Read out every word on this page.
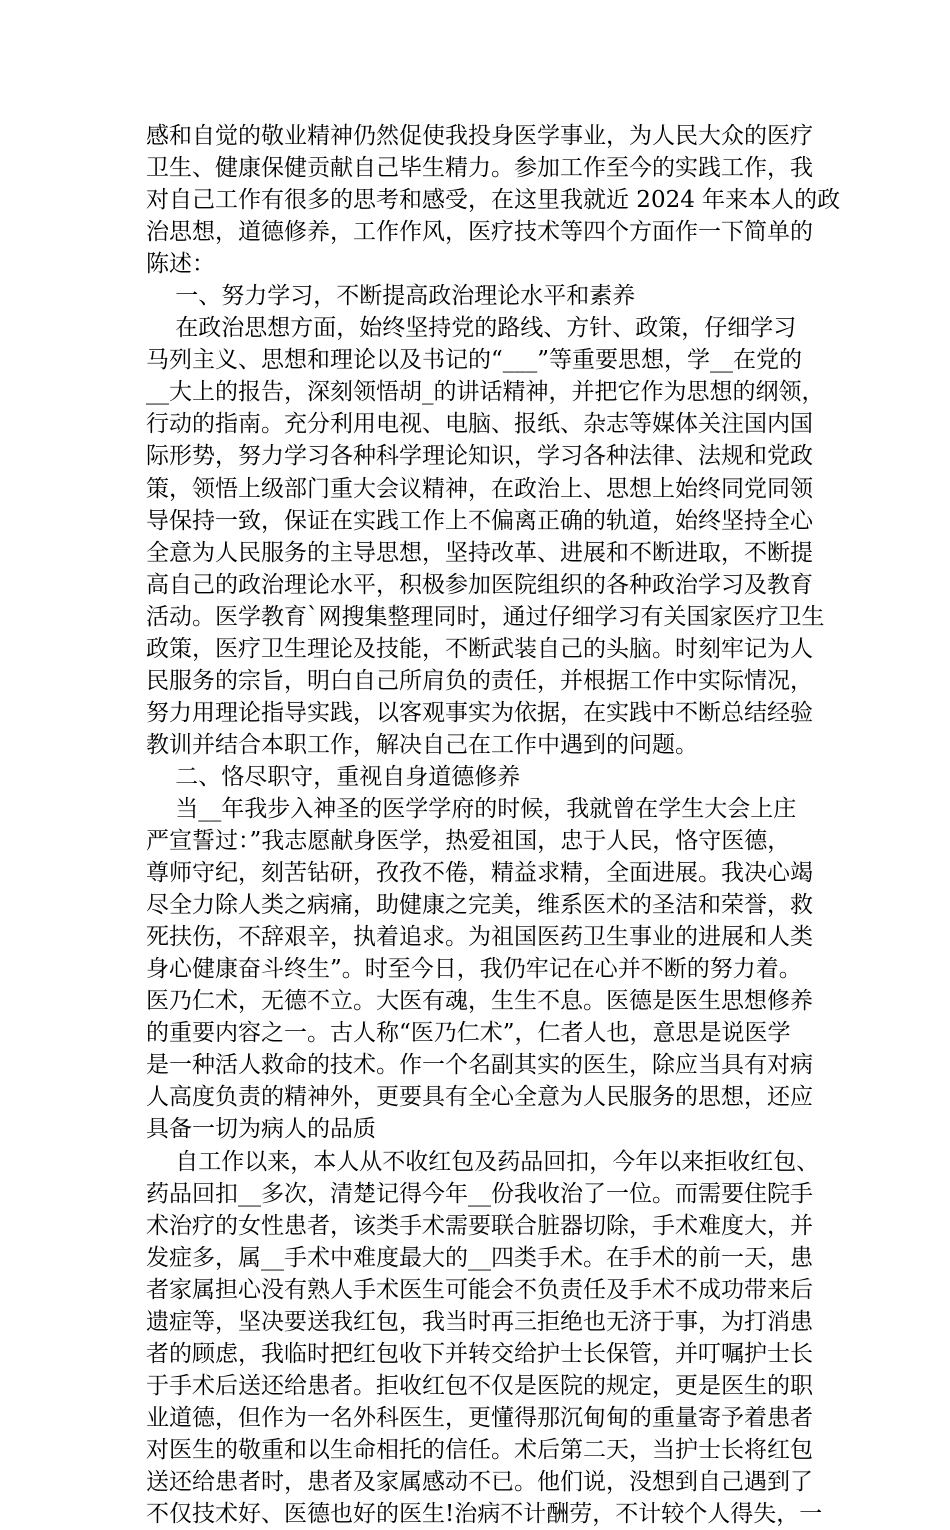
感和自觉的敬业精神仍然促使我投身医学事业，为人民大众的医疗
卫生、健康保健贡献自己毕生精力。参加工作至今的实践工作，我
对自己工作有很多的思考和感受，在这里我就近 2024 年来本人的政
治思想，道德修养，工作作风，医疗技术等四个方面作一下简单的
陈述：
一、努力学习，不断提高政治理论水平和素养
在政治思想方面，始终坚持党的路线、方针、政策，仔细学习
马列主义、思想和理论以及书记的“___”等重要思想，学__在党的
__大上的报告，深刻领悟胡_的讲话精神，并把它作为思想的纲领，
行动的指南。充分利用电视、电脑、报纸、杂志等媒体关注国内国
际形势，努力学习各种科学理论知识，学习各种法律、法规和党政
策，领悟上级部门重大会议精神，在政治上、思想上始终同党同领
导保持一致，保证在实践工作上不偏离正确的轨道，始终坚持全心
全意为人民服务的主导思想，坚持改革、进展和不断进取，不断提
高自己的政治理论水平，积极参加医院组织的各种政治学习及教育
活动。医学教育`网搜集整理同时，通过仔细学习有关国家医疗卫生
政策，医疗卫生理论及技能，不断武装自己的头脑。时刻牢记为人
民服务的宗旨，明白自己所肩负的责任，并根据工作中实际情况，
努力用理论指导实践，以客观事实为依据，在实践中不断总结经验
教训并结合本职工作，解决自己在工作中遇到的问题。
二、恪尽职守，重视自身道德修养
当__年我步入神圣的医学学府的时候，我就曾在学生大会上庄
严宣誓过：”我志愿献身医学，热爱祖国，忠于人民，恪守医德，
尊师守纪，刻苦钻研，孜孜不倦，精益求精，全面进展。我决心竭
尽全力除人类之病痛，助健康之完美，维系医术的圣洁和荣誉，救
死扶伤，不辞艰辛，执着追求。为祖国医药卫生事业的进展和人类
身心健康奋斗终生”。时至今日，我仍牢记在心并不断的努力着。
医乃仁术，无德不立。大医有魂，生生不息。医德是医生思想修养
的重要内容之一。古人称“医乃仁术”，仁者人也，意思是说医学
是一种活人救命的技术。作一个名副其实的医生，除应当具有对病
人高度负责的精神外，更要具有全心全意为人民服务的思想，还应
具备一切为病人的品质
自工作以来，本人从不收红包及药品回扣，今年以来拒收红包、
药品回扣__多次，清楚记得今年__份我收治了一位。而需要住院手
术治疗的女性患者，该类手术需要联合脏器切除，手术难度大，并
发症多，属__手术中难度最大的__四类手术。在手术的前一天，患
者家属担心没有熟人手术医生可能会不负责任及手术不成功带来后
遗症等，坚决要送我红包，我当时再三拒绝也无济于事，为打消患
者的顾虑，我临时把红包收下并转交给护士长保管，并叮嘱护士长
于手术后送还给患者。拒收红包不仅是医院的规定，更是医生的职
业道德，但作为一名外科医生，更懂得那沉甸甸的重量寄予着患者
对医生的敬重和以生命相托的信任。术后第二天，当护士长将红包
送还给患者时，患者及家属感动不已。他们说，没想到自己遇到了
不仅技术好、医德也好的医生!治病不计酬劳，不计较个人得失，一
